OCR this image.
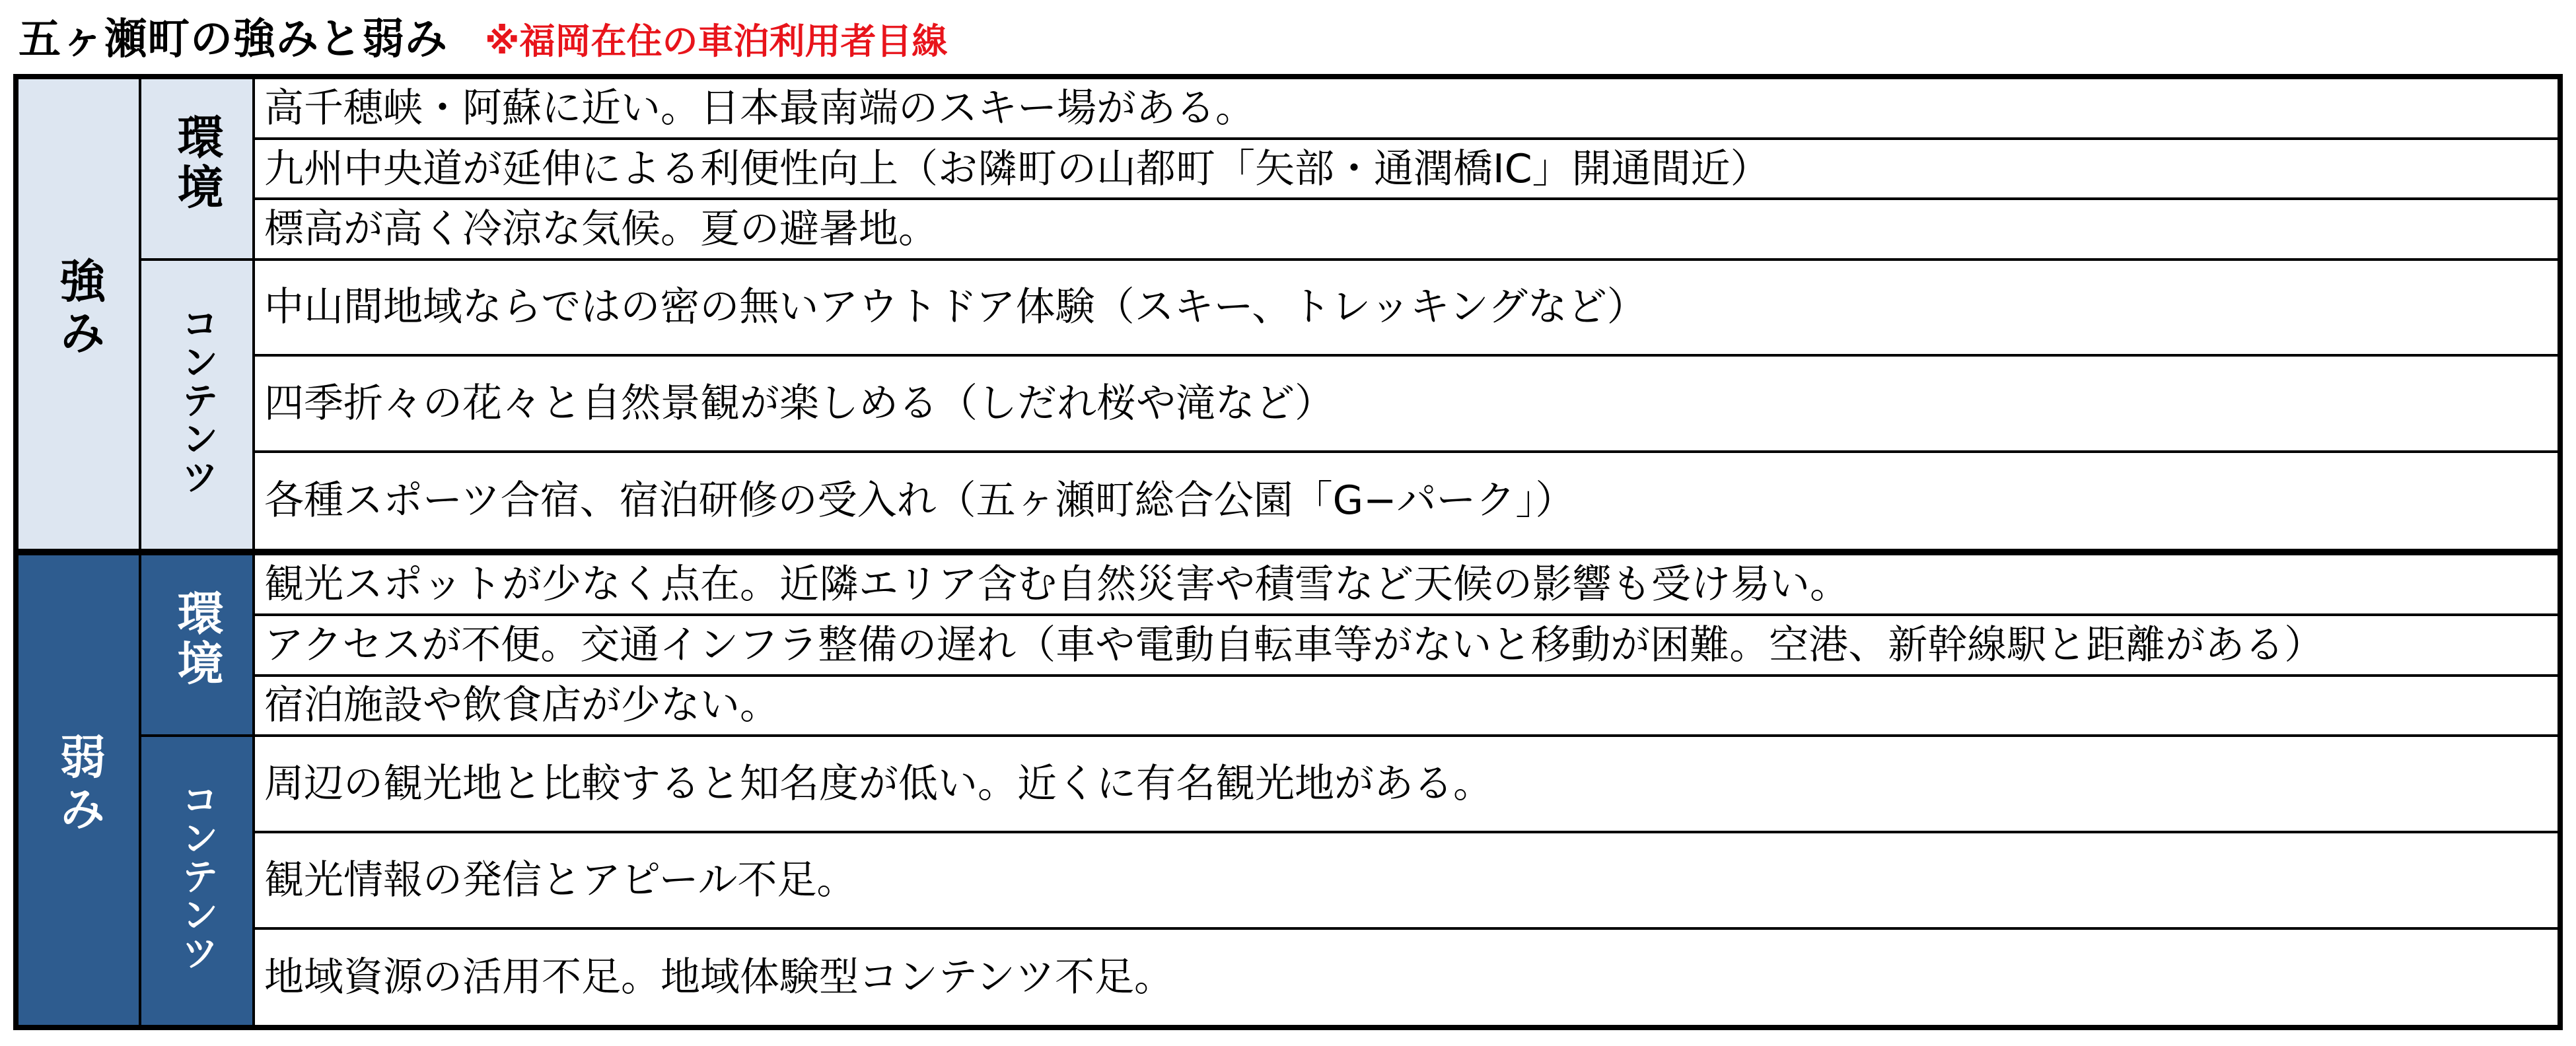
五ヶ瀬町の強みと弱み ※福岡在住の車泊利用者目線
強み	環境	高千穂峡・阿蘇に近い。日本最南端のスキー場がある。
		九州中央道が延伸による利便性向上（お隣町の山都町「矢部・通潤橋IC」開通間近）
		標高が高く冷涼な気候。夏の避暑地。
	コンテンツ	中山間地域ならではの密の無いアウトドア体験（スキー、トレッキングなど）
		四季折々の花々と自然景観が楽しめる（しだれ桜や滝など）
		各種スポーツ合宿、宿泊研修の受入れ（五ヶ瀬町総合公園「G−パーク」）
弱み	環境	観光スポットが少なく点在。近隣エリア含む自然災害や積雪など天候の影響も受け易い。
		アクセスが不便。交通インフラ整備の遅れ（車や電動自転車等がないと移動が困難。空港、新幹線駅と距離がある）
		宿泊施設や飲食店が少ない。
	コンテンツ	周辺の観光地と比較すると知名度が低い。近くに有名観光地がある。
		観光情報の発信とアピール不足。
		地域資源の活用不足。地域体験型コンテンツ不足。
